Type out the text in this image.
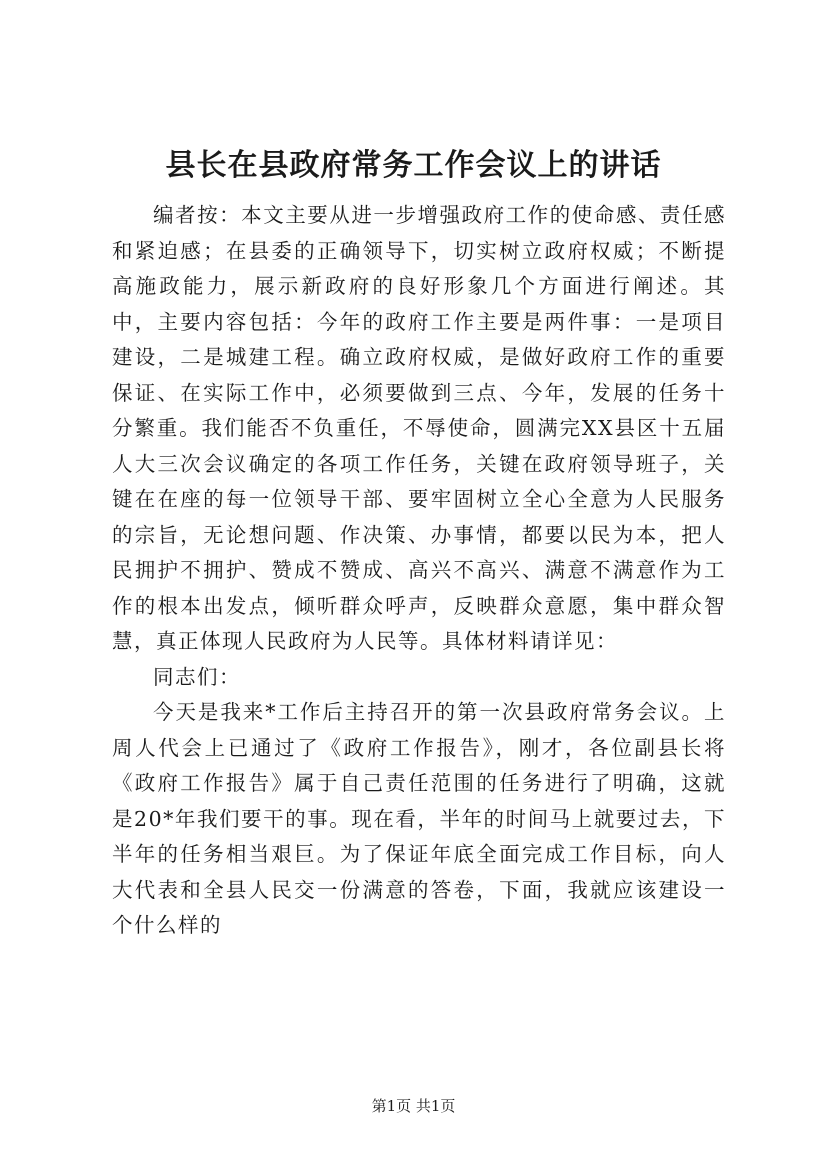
县长在县政府常务工作会议上的讲话

编者按：本文主要从进一步增强政府工作的使命感、责任感和紧迫感；在县委的正确领导下，切实树立政府权威；不断提高施政能力，展示新政府的良好形象几个方面进行阐述。其中，主要内容包括：今年的政府工作主要是两件事：一是项目建设，二是城建工程。确立政府权威，是做好政府工作的重要保证、在实际工作中，必须要做到三点、今年，发展的任务十分繁重。我们能否不负重任，不辱使命，圆满完XX县区十五届人大三次会议确定的各项工作任务，关键在政府领导班子，关键在在座的每一位领导干部、要牢固树立全心全意为人民服务的宗旨，无论想问题、作决策、办事情，都要以民为本，把人民拥护不拥护、赞成不赞成、高兴不高兴、满意不满意作为工作的根本出发点，倾听群众呼声，反映群众意愿，集中群众智慧，真正体现人民政府为人民等。具体材料请详见：

同志们：

今天是我来*工作后主持召开的第一次县政府常务会议。上周人代会上已通过了《政府工作报告》，刚才，各位副县长将《政府工作报告》属于自己责任范围的任务进行了明确，这就是20*年我们要干的事。现在看，半年的时间马上就要过去，下半年的任务相当艰巨。为了保证年底全面完成工作目标，向人大代表和全县人民交一份满意的答卷，下面，我就应该建设一个什么样的

第1页 共1页
